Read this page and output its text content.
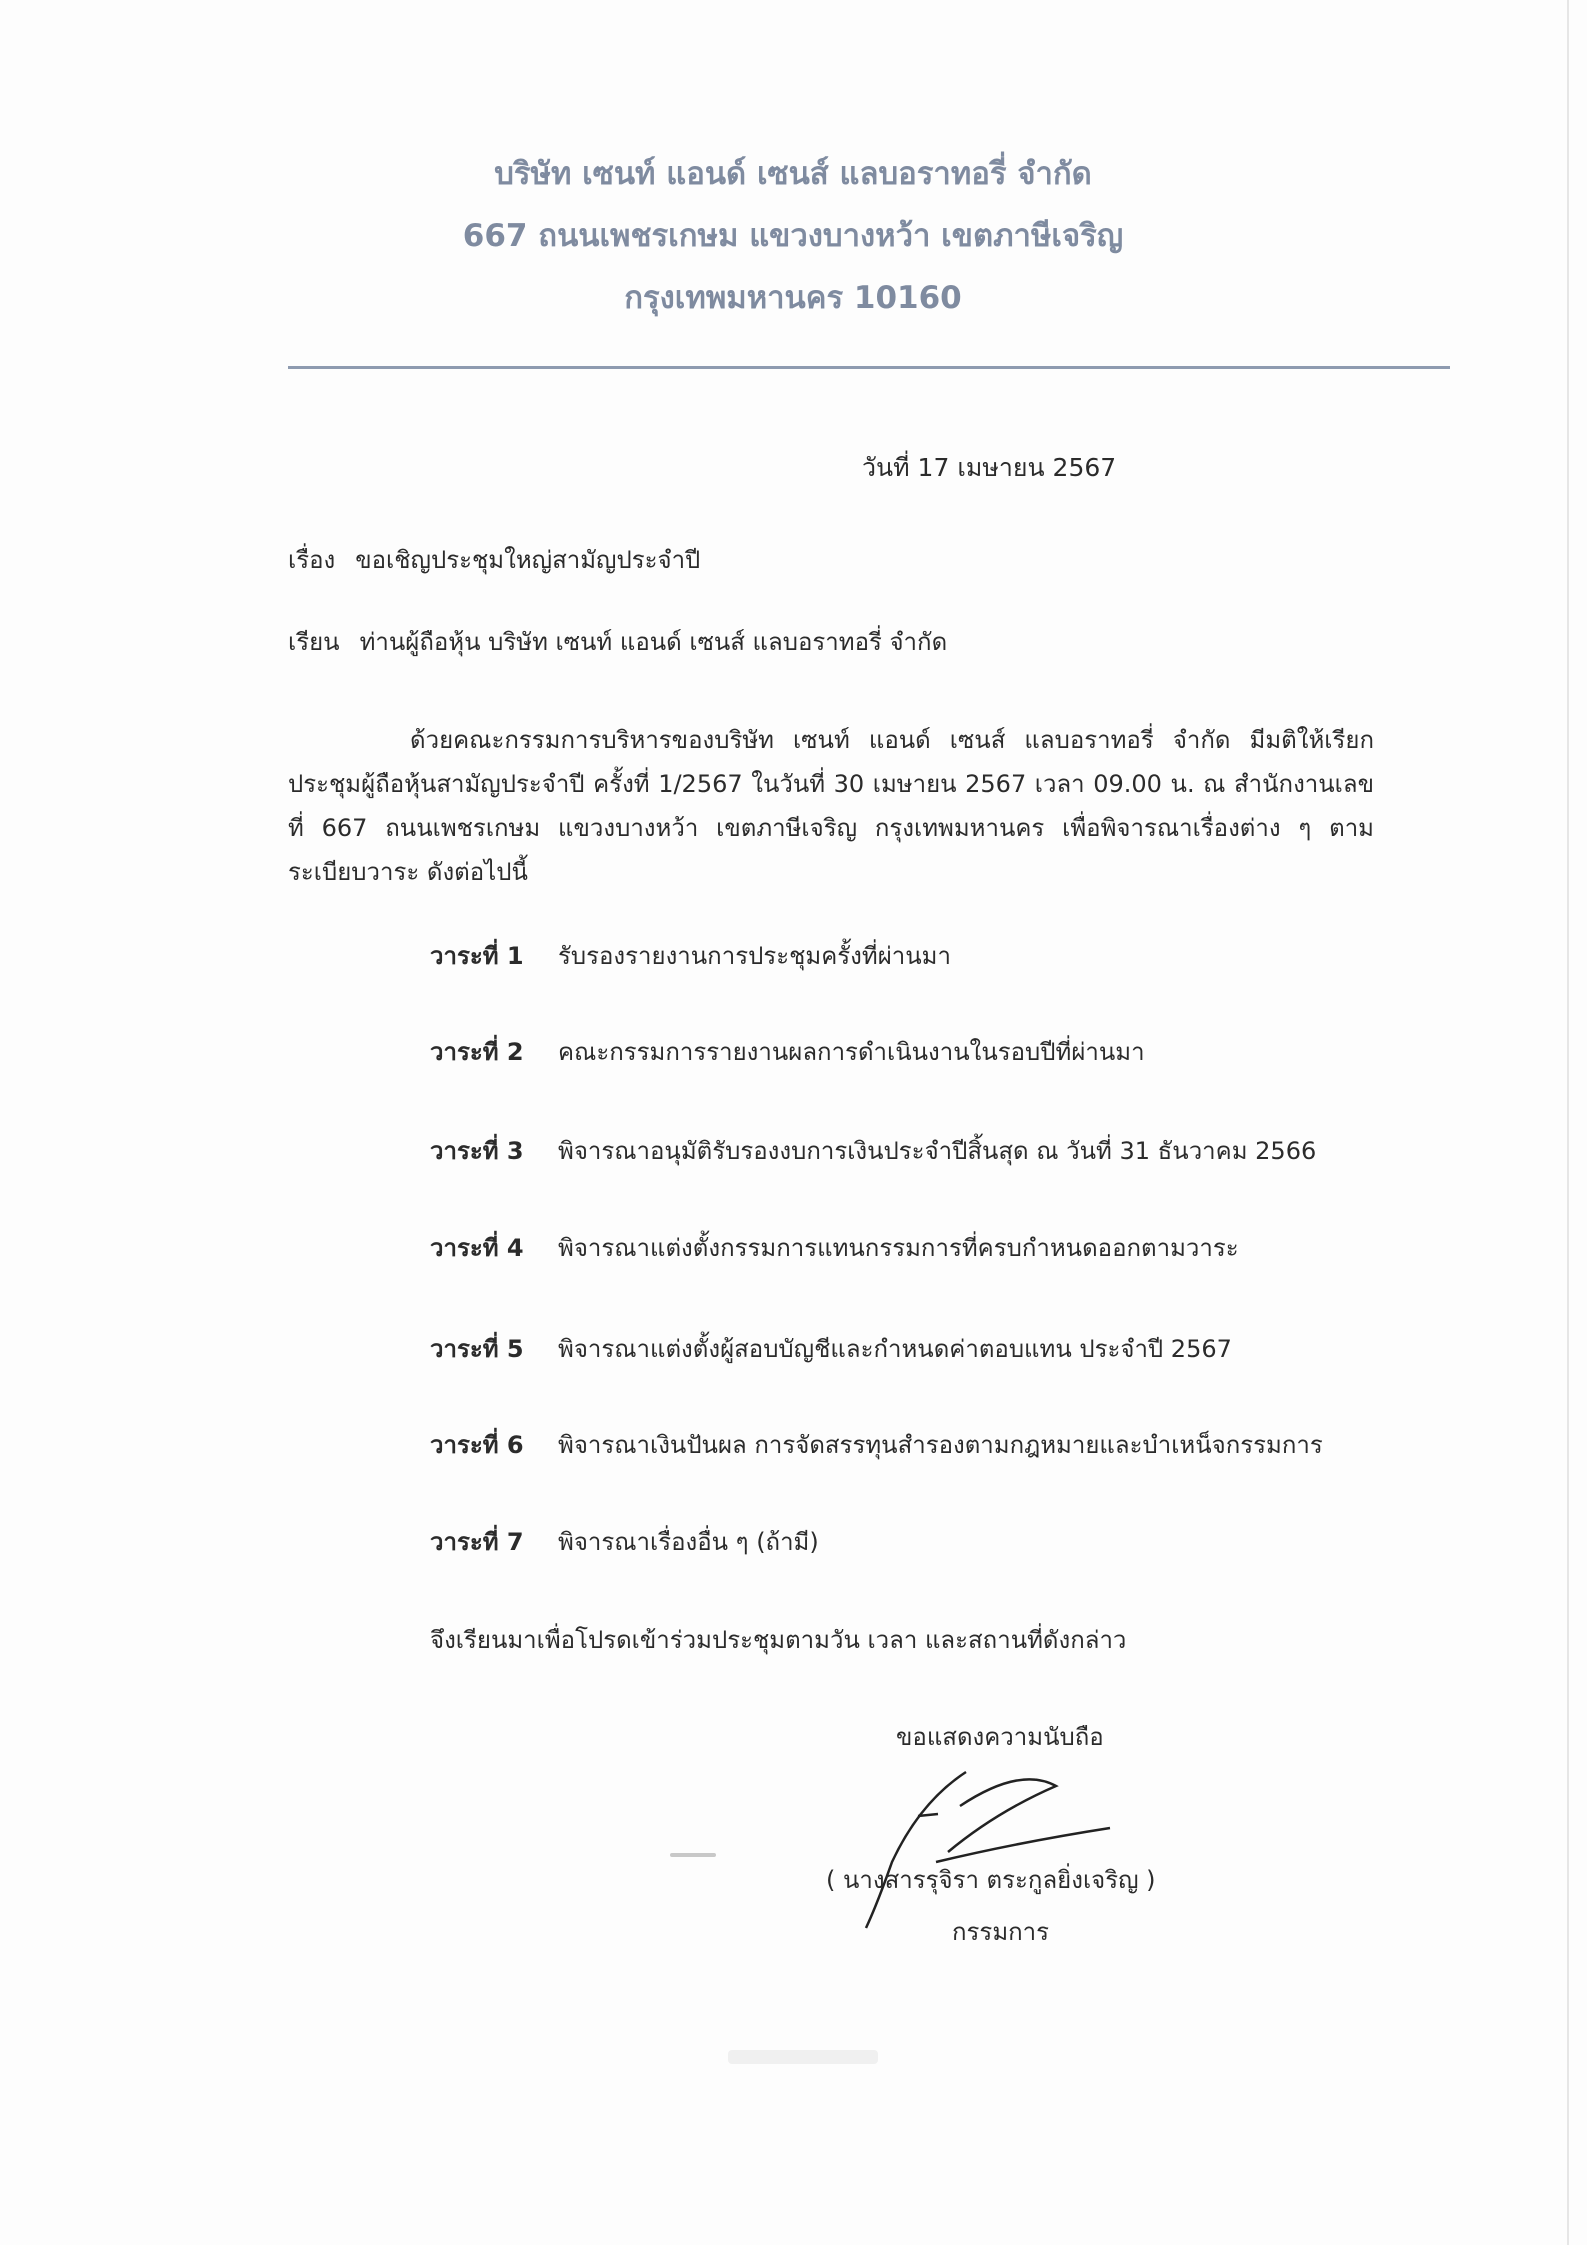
บริษัท เซนท์ แอนด์ เซนส์ แลบอราทอรี่ จำกัด
667 ถนนเพชรเกษม แขวงบางหว้า เขตภาษีเจริญ
กรุงเทพมหานคร 10160
วันที่ 17 เมษายน 2567
เรื่อง ขอเชิญประชุมใหญ่สามัญประจำปี
เรียน ท่านผู้ถือหุ้น บริษัท เซนท์ แอนด์ เซนส์ แลบอราทอรี่ จำกัด
ด้วยคณะกรรมการบริหารของบริษัท เซนท์ แอนด์ เซนส์ แลบอราทอรี่ จำกัด มีมติให้เรียกประชุมผู้ถือหุ้นสามัญประจำปี ครั้งที่ 1/2567 ในวันที่ 30 เมษายน 2567 เวลา 09.00 น. ณ สำนักงานเลขที่ 667 ถนนเพชรเกษม แขวงบางหว้า เขตภาษีเจริญ กรุงเทพมหานคร เพื่อพิจารณาเรื่องต่าง ๆ ตามระเบียบวาระ ดังต่อไปนี้
วาระที่ 1 รับรองรายงานการประชุมครั้งที่ผ่านมา
วาระที่ 2 คณะกรรมการรายงานผลการดำเนินงานในรอบปีที่ผ่านมา
วาระที่ 3 พิจารณาอนุมัติรับรองงบการเงินประจำปีสิ้นสุด ณ วันที่ 31 ธันวาคม 2566
วาระที่ 4 พิจารณาแต่งตั้งกรรมการแทนกรรมการที่ครบกำหนดออกตามวาระ
วาระที่ 5 พิจารณาแต่งตั้งผู้สอบบัญชีและกำหนดค่าตอบแทน ประจำปี 2567
วาระที่ 6 พิจารณาเงินปันผล การจัดสรรทุนสำรองตามกฎหมายและบำเหน็จกรรมการ
วาระที่ 7 พิจารณาเรื่องอื่น ๆ (ถ้ามี)
จึงเรียนมาเพื่อโปรดเข้าร่วมประชุมตามวัน เวลา และสถานที่ดังกล่าว
ขอแสดงความนับถือ
( นางสารรุจิรา ตระกูลยิ่งเจริญ )
กรรมการ
